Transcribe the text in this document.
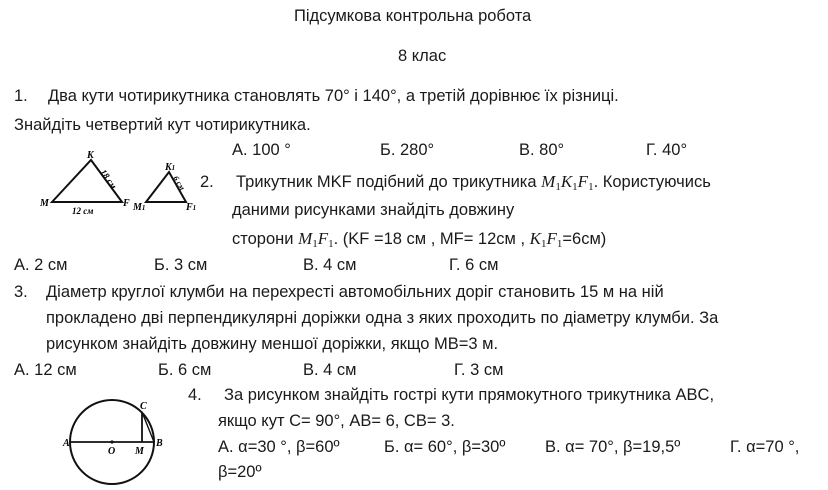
Підсумкова контрольна робота
8 клас
1. Два кути чотирикутника становлять 70° і 140°, а третій дорівнює їх різниці.
Знайдіть четвертий кут чотирикутника.
А. 100 °	Б. 280°	В. 80°	Г. 40°
K
M	F
18 см
12 см
K1
M1	F1
6 см 2. Трикутник MKF подібний до трикутника $M_1K_1F_1$. Користуючись
даними рисунками знайдіть довжину
сторони $M_1F_1$. (KF =18 см , MF= 12см , $K_1F_1=6см$)
А. 2 см	Б. 3 см	В. 4 см	Г. 6 см
3. Діаметр круглої клумби на перехресті автомобільних доріг становить 15 м на ній
прокладено дві перпендикулярні доріжки одна з яких проходить по діаметру клумби. За
рисунком знайдіть довжину меншої доріжки, якщо MB=3 м.
А. 12 см	Б. 6 см	В. 4 см	Г. 3 см
A
O M
B
C
4. За рисунком знайдіть гострі кути прямокутного трикутника ABC,
якщо кут С= 90°, АВ= 6, СВ= 3.
А. α=30 °, β=60º	Б. α= 60°, β=30º В. α= 70°, β=19,5º	Г. α=70 °,
β=20º
